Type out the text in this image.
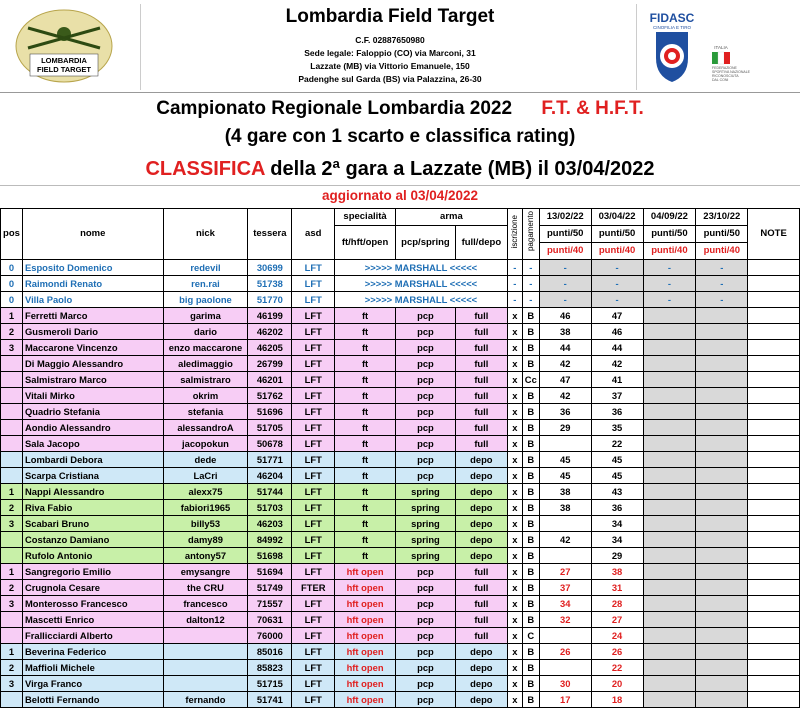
LOMBARDIA
FIELD TARGET
Lombardia Field Target
C.F. 02887650980
Sede legale: Faloppio (CO) via Marconi, 31
Lazzate (MB) via Vittorio Emanuele, 150
Padenghe sul Garda (BS) via Palazzina, 26-30
FIDASC
CINOFILIA E TIRO
ITALIA
FEDERAZIONE
SPORTIVA NAZIONALE
RICONOSCIUTA
DAL CONI
Campionato Regionale Lombardia 2022 F.T. & H.F.T.
(4 gare con 1 scarto e classifica rating)
CLASSIFICA della 2ª gara a Lazzate (MB) il 03/04/2022
aggiornato al 03/04/2022
pos	nome	nick	tessera	asd	specialità	arma		iscrizione	pagamento	13/02/22	03/04/22	04/09/22	23/10/22	NOTE
					ft/hft/open	pcp/spring	full/depo			punti/50	punti/50	punti/50	punti/50	
										punti/40	punti/40	punti/40	punti/40	
0	Esposito Domenico	redevil	30699	LFT	>>>>> MARSHALL <<<<<			-	-	-	-	-	-	
0	Raimondi Renato	ren.rai	51738	LFT	>>>>> MARSHALL <<<<<			-	-	-	-	-	-	
0	Villa Paolo	big paolone	51770	LFT	>>>>> MARSHALL <<<<<			-	-	-	-	-	-	
1	Ferretti Marco	garima	46199	LFT	ft	pcp	full	x	B	46	47			
2	Gusmeroli Dario	dario	46202	LFT	ft	pcp	full	x	B	38	46			
3	Maccarone Vincenzo	enzo maccarone	46205	LFT	ft	pcp	full	x	B	44	44			
	Di Maggio Alessandro	aledimaggio	26799	LFT	ft	pcp	full	x	B	42	42			
	Salmistraro Marco	salmistraro	46201	LFT	ft	pcp	full	x	Cc	47	41			
	Vitali Mirko	okrim	51762	LFT	ft	pcp	full	x	B	42	37			
	Quadrio Stefania	stefania	51696	LFT	ft	pcp	full	x	B	36	36			
	Aondio Alessandro	alessandroA	51705	LFT	ft	pcp	full	x	B	29	35			
	Sala Jacopo	jacopokun	50678	LFT	ft	pcp	full	x	B		22			
	Lombardi Debora	dede	51771	LFT	ft	pcp	depo	x	B	45	45			
	Scarpa Cristiana	LaCri	46204	LFT	ft	pcp	depo	x	B	45	45			
1	Nappi Alessandro	alexx75	51744	LFT	ft	spring	depo	x	B	38	43			
2	Riva Fabio	fabiori1965	51703	LFT	ft	spring	depo	x	B	38	36			
3	Scabari Bruno	billy53	46203	LFT	ft	spring	depo	x	B		34			
	Costanzo Damiano	damy89	84992	LFT	ft	spring	depo	x	B	42	34			
	Rufolo Antonio	antony57	51698	LFT	ft	spring	depo	x	B		29			
1	Sangregorio Emilio	emysangre	51694	LFT	hft open	pcp	full	x	B	27	38			
2	Crugnola Cesare	the CRU	51749	FTER	hft open	pcp	full	x	B	37	31			
3	Monterosso Francesco	francesco	71557	LFT	hft open	pcp	full	x	B	34	28			
	Mascetti Enrico	dalton12	70631	LFT	hft open	pcp	full	x	B	32	27			
	Frallicciardi Alberto		76000	LFT	hft open	pcp	full	x	C		24			
1	Beverina Federico		85016	LFT	hft open	pcp	depo	x	B	26	26			
2	Maffioli Michele		85823	LFT	hft open	pcp	depo	x	B		22			
3	Virga Franco		51715	LFT	hft open	pcp	depo	x	B	30	20			
	Belotti Fernando	fernando	51741	LFT	hft open	pcp	depo	x	B	17	18			
